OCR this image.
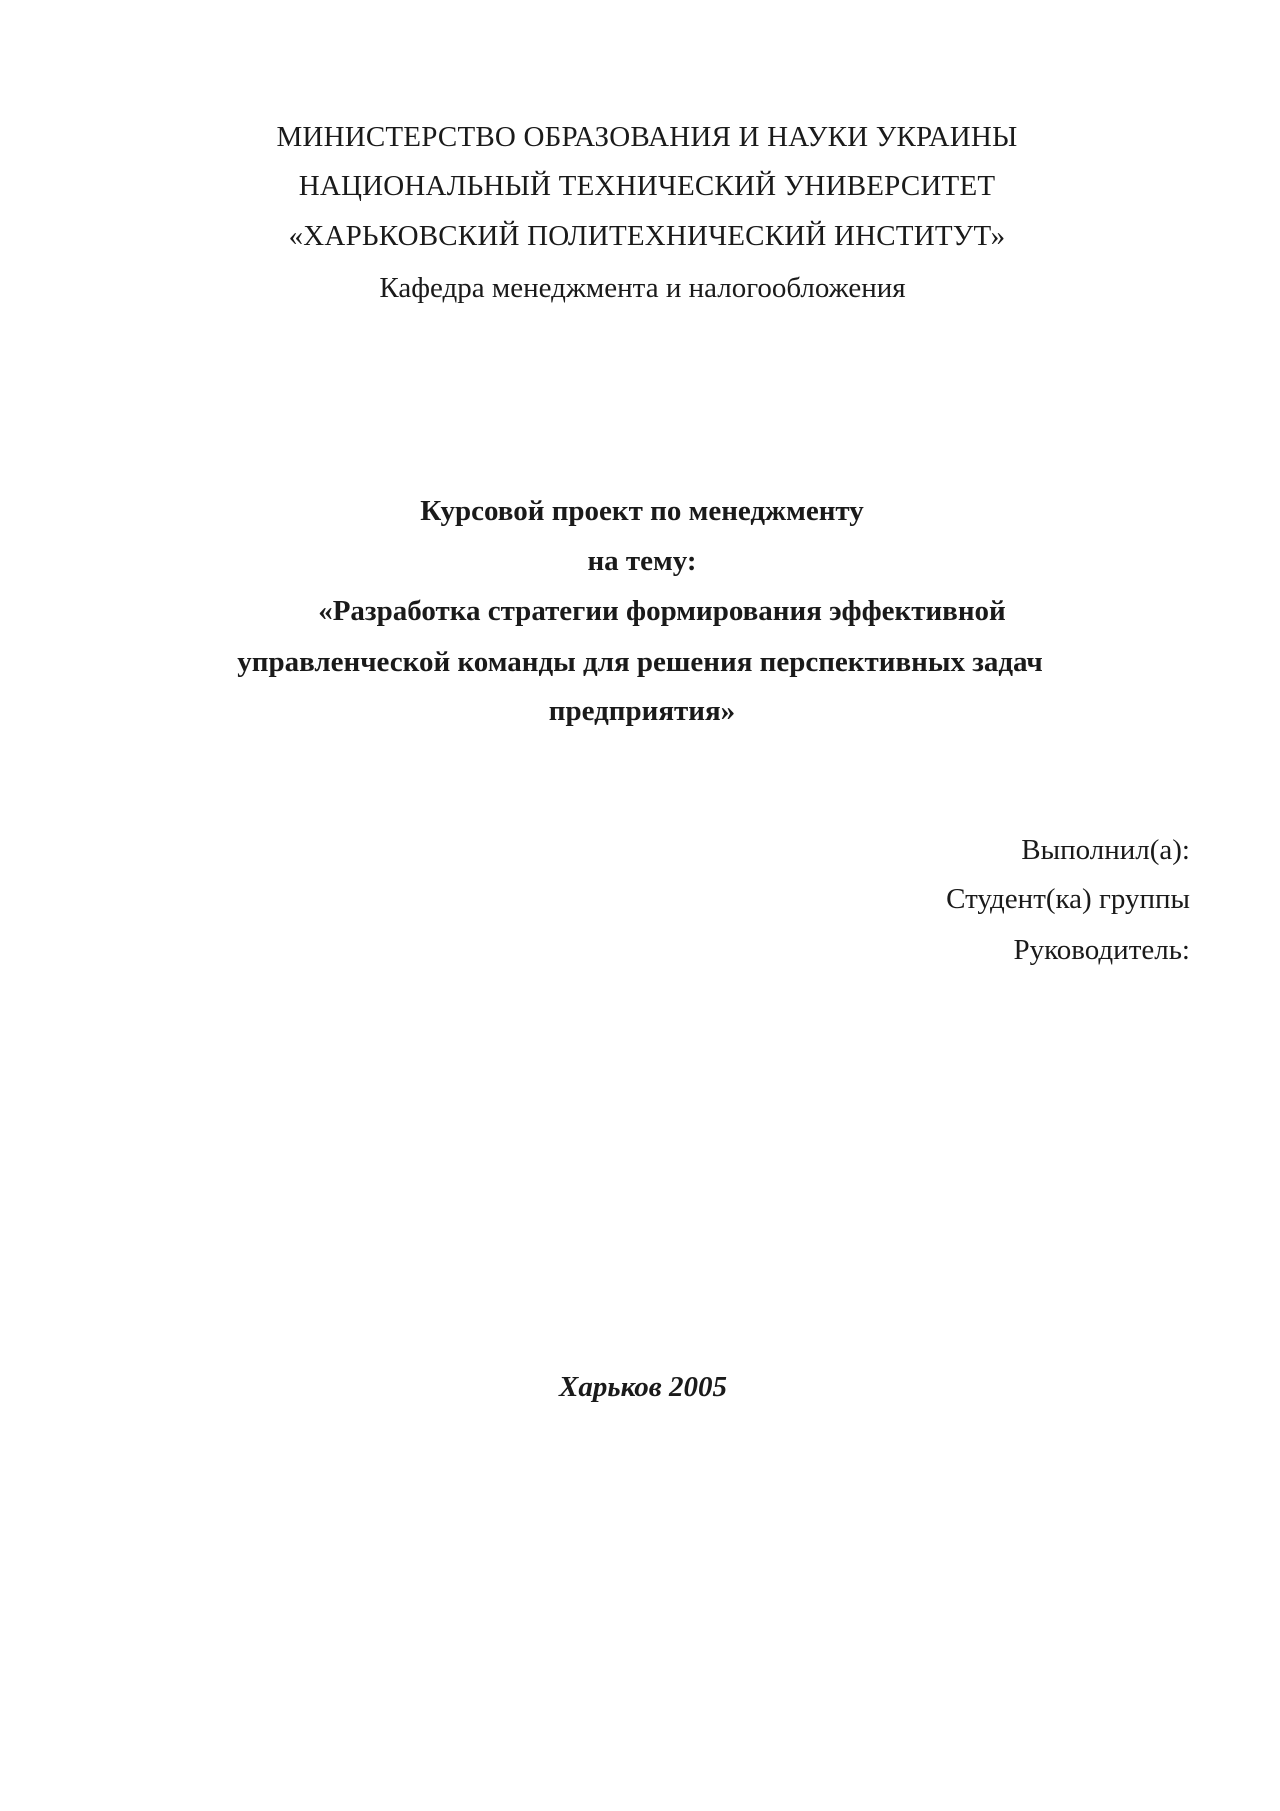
МИНИСТЕРСТВО ОБРАЗОВАНИЯ И НАУКИ УКРАИНЫ
НАЦИОНАЛЬНЫЙ ТЕХНИЧЕСКИЙ УНИВЕРСИТЕТ
«ХАРЬКОВСКИЙ ПОЛИТЕХНИЧЕСКИЙ ИНСТИТУТ»
Кафедра менеджмента и налогообложения
Курсовой проект по менеджменту
на тему:
«Разработка стратегии формирования эффективной
управленческой команды для решения перспективных задач
предприятия»
Выполнил(а):
Студент(ка) группы
Руководитель:
Харьков 2005
